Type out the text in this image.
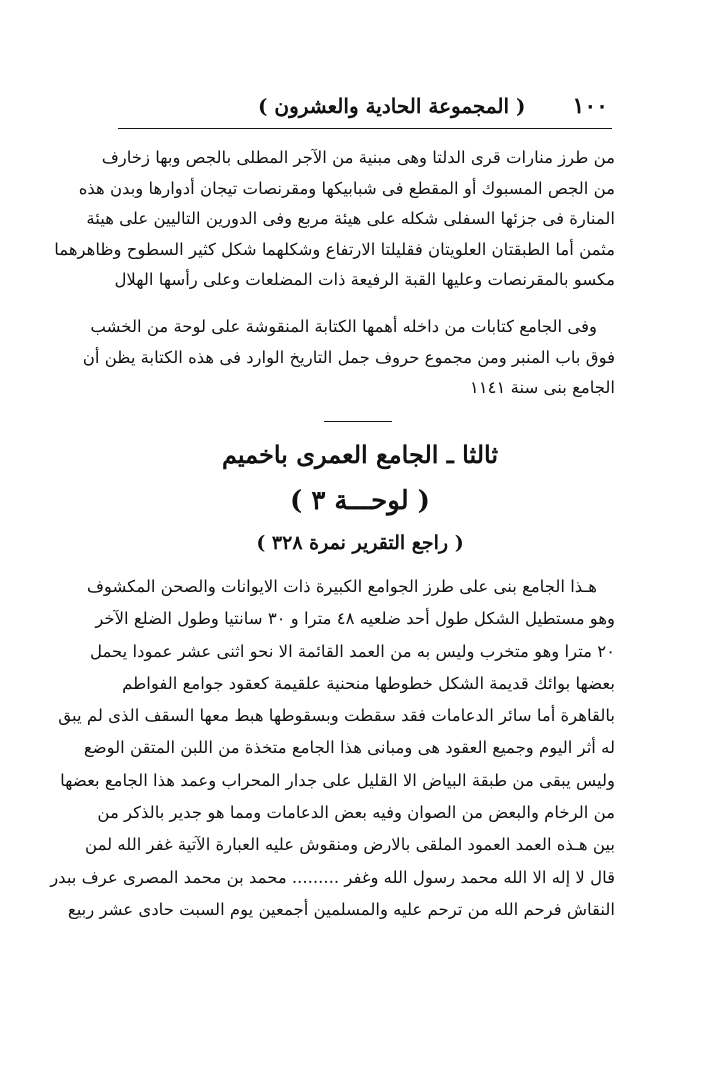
١٠٠
( المجموعة الحادية والعشرون )
من طرز منارات قرى الدلتا وهى مبنية من الآجر المطلى بالجص وبها زخارف
من الجص المسبوك أو المقطع فى شبابيكها ومقرنصات تيجان أدوارها وبدن هذه
المنارة فى جزئها السفلى شكله على هيئة مربع وفى الدورين التاليين على هيئة
مثمن أما الطبقتان العلويتان فقليلتا الارتفاع وشكلهما شكل كثير السطوح وظاهرهما
مكسو بالمقرنصات وعليها القبة الرفيعة ذات المضلعات وعلى رأسها الهلال
وفى الجامع كتابات من داخله أهمها الكتابة المنقوشة على لوحة من الخشب
فوق باب المنبر ومن مجموع حروف جمل التاريخ الوارد فى هذه الكتابة يظن أن
الجامع بنى سنة ١١٤١
ثالثا ـ الجامع العمرى باخميم
( لوحـــة ٣ )
( راجع التقرير نمرة ٣٢٨ )
هـذا الجامع بنى على طرز الجوامع الكبيرة ذات الايوانات والصحن المكشوف
وهو مستطيل الشكل طول أحد ضلعيه ٤٨ مترا و ٣٠ سانتيا وطول الضلع الآخر
٢٠ مترا وهو متخرب وليس به من العمد القائمة الا نحو اثنى عشر عمودا يحمل
بعضها بوائك قديمة الشكل خطوطها منحنية علقيمة كعقود جوامع الفواطم
بالقاهرة أما سائر الدعامات فقد سقطت وبسقوطها هبط معها السقف الذى لم يبق
له أثر اليوم وجميع العقود هى ومبانى هذا الجامع متخذة من اللبن المتقن الوضع
وليس يبقى من طبقة البياض الا القليل على جدار المحراب وعمد هذا الجامع بعضها
من الرخام والبعض من الصوان وفيه بعض الدعامات ومما هو جدير بالذكر من
بين هـذه العمد العمود الملقى بالارض ومنقوش عليه العبارة الآتية غفر الله لمن
قال لا إله الا الله محمد رسول الله وغفر ......... محمد بن محمد المصرى عرف ببدر
النقاش فرحم الله من ترحم عليه والمسلمين أجمعين يوم السبت حادى عشر ربيع
